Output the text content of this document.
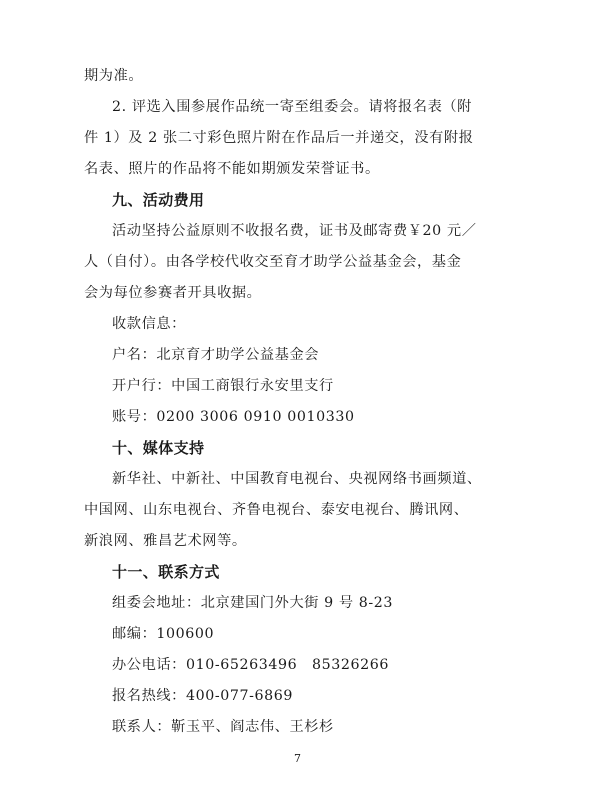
期为准。
2. 评选入围参展作品统一寄至组委会。请将报名表（附
件 1）及 2 张二寸彩色照片附在作品后一并递交，没有附报
名表、照片的作品将不能如期颁发荣誉证书。
九、活动费用
活动坚持公益原则不收报名费，证书及邮寄费￥20 元／
人（自付）。由各学校代收交至育才助学公益基金会，基金
会为每位参赛者开具收据。
收款信息：
户名：北京育才助学公益基金会
开户行：中国工商银行永安里支行
账号：0200 3006 0910 0010330
十、媒体支持
新华社、中新社、中国教育电视台、央视网络书画频道、
中国网、山东电视台、齐鲁电视台、泰安电视台、腾讯网、
新浪网、雅昌艺术网等。
十一、联系方式
组委会地址：北京建国门外大街 9 号 8-23
邮编：100600
办公电话：010-65263496　85326266
报名热线：400-077-6869
联系人：靳玉平、阎志伟、王杉杉
7
